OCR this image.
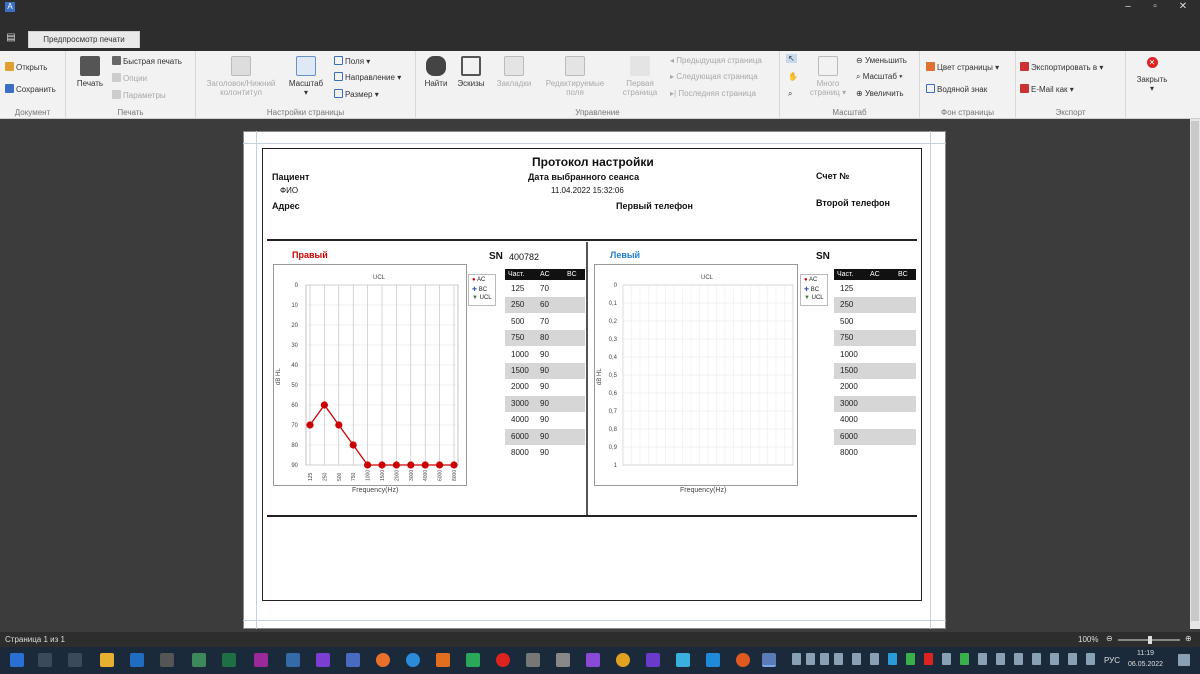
A	–	▫	✕
▤	Предпросмотр печати
Открыть
Сохранить
Документ
Печать
Быстрая печать
Опции
Параметры
Печать
Заголовок/Нижний
колонтитул
Масштаб
▾
Поля ▾
Направление ▾
Размер ▾
Настройки страницы
Найти	Эскизы	Закладки	Редактируемые
поля
Первая
страница
◂ Предыдущая страница
▸ Следующая страница
▸| Последняя страница
Управление
↖
✋
⌕
Много
страниц ▾
⊖ Уменьшить
⌕ Масштаб ▾
⊕ Увеличить
Масштаб
Цвет страницы ▾
Водяной знак
Фон страницы
Экспортировать в ▾
E-Mail как ▾
Экспорт
✕
Закрыть
▾
Протокол настройки
Пациент
ФИО
Дата выбранного сеанса
11.04.2022 15:32:06
Счет №
Адрес	Первый телефон	Второй телефон
Правый	SN 400782
UCL
dB HL
0
10
20
30
40
50
60
70
80
90
125 250 500 750 1000 1500 2000 3000 4000 6000 8000
Frequency(Hz)
● AC
✚ BC
▼ UCL
Част. AC BC
125 70
250 60
500 70
750 80
1000 90
1500 90
2000 90
3000 90
4000 90
6000 90
8000 90
Левый	SN
UCL
dB HL
0
0,1
0,2
0,3
0,4
0,5
0,6
0,7
0,8
0,9
1
Frequency(Hz)
● AC
✚ BC
▼ UCL
Част. AC	BC
125
250
500
750
1000
1500
2000
3000
4000
6000
8000
Страница 1 из 1	100% ⊖	⊕
РУС
11:19
06.05.2022
